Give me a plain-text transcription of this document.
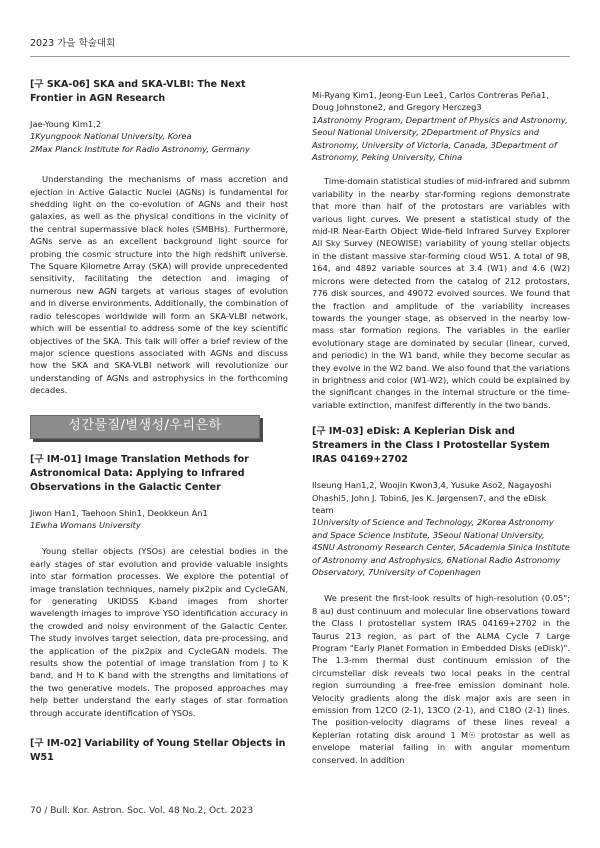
2023 가을 학술대회

[구 SKA-06] SKA and SKA-VLBI: The Next Frontier in AGN Research

Jae-Young Kim1,2

1Kyungpook National University, Korea

2Max Planck Institute for Radio Astronomy, Germany

Understanding the mechanisms of mass accretion and ejection in Active Galactic Nuclei (AGNs) is fundamental for shedding light on the co-evolution of AGNs and their host galaxies, as well as the physical conditions in the vicinity of the central supermassive black holes (SMBHs). Furthermore, AGNs serve as an excellent background light source for probing the cosmic structure into the high redshift universe. The Square Kilometre Array (SKA) will provide unprecedented sensitivity, facilitating the detection and imaging of numerous new AGN targets at various stages of evolution and in diverse environments. Additionally, the combination of radio telescopes worldwide will form an SKA-VLBI network, which will be essential to address some of the key scientific objectives of the SKA. This talk will offer a brief review of the major science questions associated with AGNs and discuss how the SKA and SKA-VLBI network will revolutionize our understanding of AGNs and astrophysics in the forthcoming decades.

성간물질/별생성/우리은하

[구 IM-01] Image Translation Methods for Astronomical Data: Applying to Infrared Observations in the Galactic Center

Jiwon Han1, Taehoon Shin1, Deokkeun An1

1Ewha Womans University

Young stellar objects (YSOs) are celestial bodies in the early stages of star evolution and provide valuable insights into star formation processes. We explore the potential of image translation techniques, namely pix2pix and CycleGAN, for generating UKIDSS K-band images from shorter wavelength images to improve YSO identification accuracy in the crowded and noisy environment of the Galactic Center. The study involves target selection, data pre-processing, and the application of the pix2pix and CycleGAN models. The results show the potential of image translation from J to K band, and H to K band with the strengths and limitations of the two generative models. The proposed approaches may help better understand the early stages of star formation through accurate identification of YSOs.

[구 IM-02] Variability of Young Stellar Objects in W51

Mi-Ryang Kim1, Jeong-Eun Lee1, Carlos Contreras Peña1, Doug Johnstone2, and Gregory Herczeg3

1Astronomy Program, Department of Physics and Astronomy, Seoul National University, 2Department of Physics and Astronomy, University of Victoria, Canada, 3Department of Astronomy, Peking University, China

Time-domain statistical studies of mid-infrared and submm variability in the nearby star-forming regions demonstrate that more than half of the protostars are variables with various light curves. We present a statistical study of the mid-IR Near-Earth Object Wide-field Infrared Survey Explorer All Sky Survey (NEOWISE) variability of young stellar objects in the distant massive star-forming cloud W51. A total of 98, 164, and 4892 variable sources at 3.4 (W1) and 4.6 (W2) microns were detected from the catalog of 212 protostars, 776 disk sources, and 49072 evolved sources. We found that the fraction and amplitude of the variability increases towards the younger stage, as observed in the nearby low-mass star formation regions. The variables in the earlier evolutionary stage are dominated by secular (linear, curved, and periodic) in the W1 band, while they become secular as they evolve in the W2 band. We also found that the variations in brightness and color (W1-W2), which could be explained by the significant changes in the internal structure or the time-variable extinction, manifest differently in the two bands.

[구 IM-03] eDisk: A Keplerian Disk and Streamers in the Class I Protostellar System IRAS 04169+2702

Ilseung Han1,2, Woojin Kwon3,4, Yusuke Aso2, Nagayoshi Ohashi5, John J. Tobin6, Jes K. Jørgensen7, and the eDisk team

1University of Science and Technology, 2Korea Astronomy and Space Science Institute, 3Seoul National University, 4SNU Astronomy Research Center, 5Academia Sinica Institute of Astronomy and Astrophysics, 6National Radio Astronomy Observatory, 7University of Copenhagen

We present the first-look results of high-resolution (0.05"; 8 au) dust continuum and molecular line observations toward the Class I protostellar system IRAS 04169+2702 in the Taurus 213 region, as part of the ALMA Cycle 7 Large Program "Early Planet Formation in Embedded Disks (eDisk)". The 1.3-mm thermal dust continuum emission of the circumstellar disk reveals two local peaks in the central region surrounding a free-free emission dominant hole. Velocity gradients along the disk major axis are seen in emission from 12CO (2-1), 13CO (2-1), and C18O (2-1) lines. The position-velocity diagrams of these lines reveal a Keplerian rotating disk around 1 M☉ protostar as well as envelope material falling in with angular momentum conserved. In addition

70 / Bull. Kor. Astron. Soc. Vol. 48 No.2, Oct. 2023
